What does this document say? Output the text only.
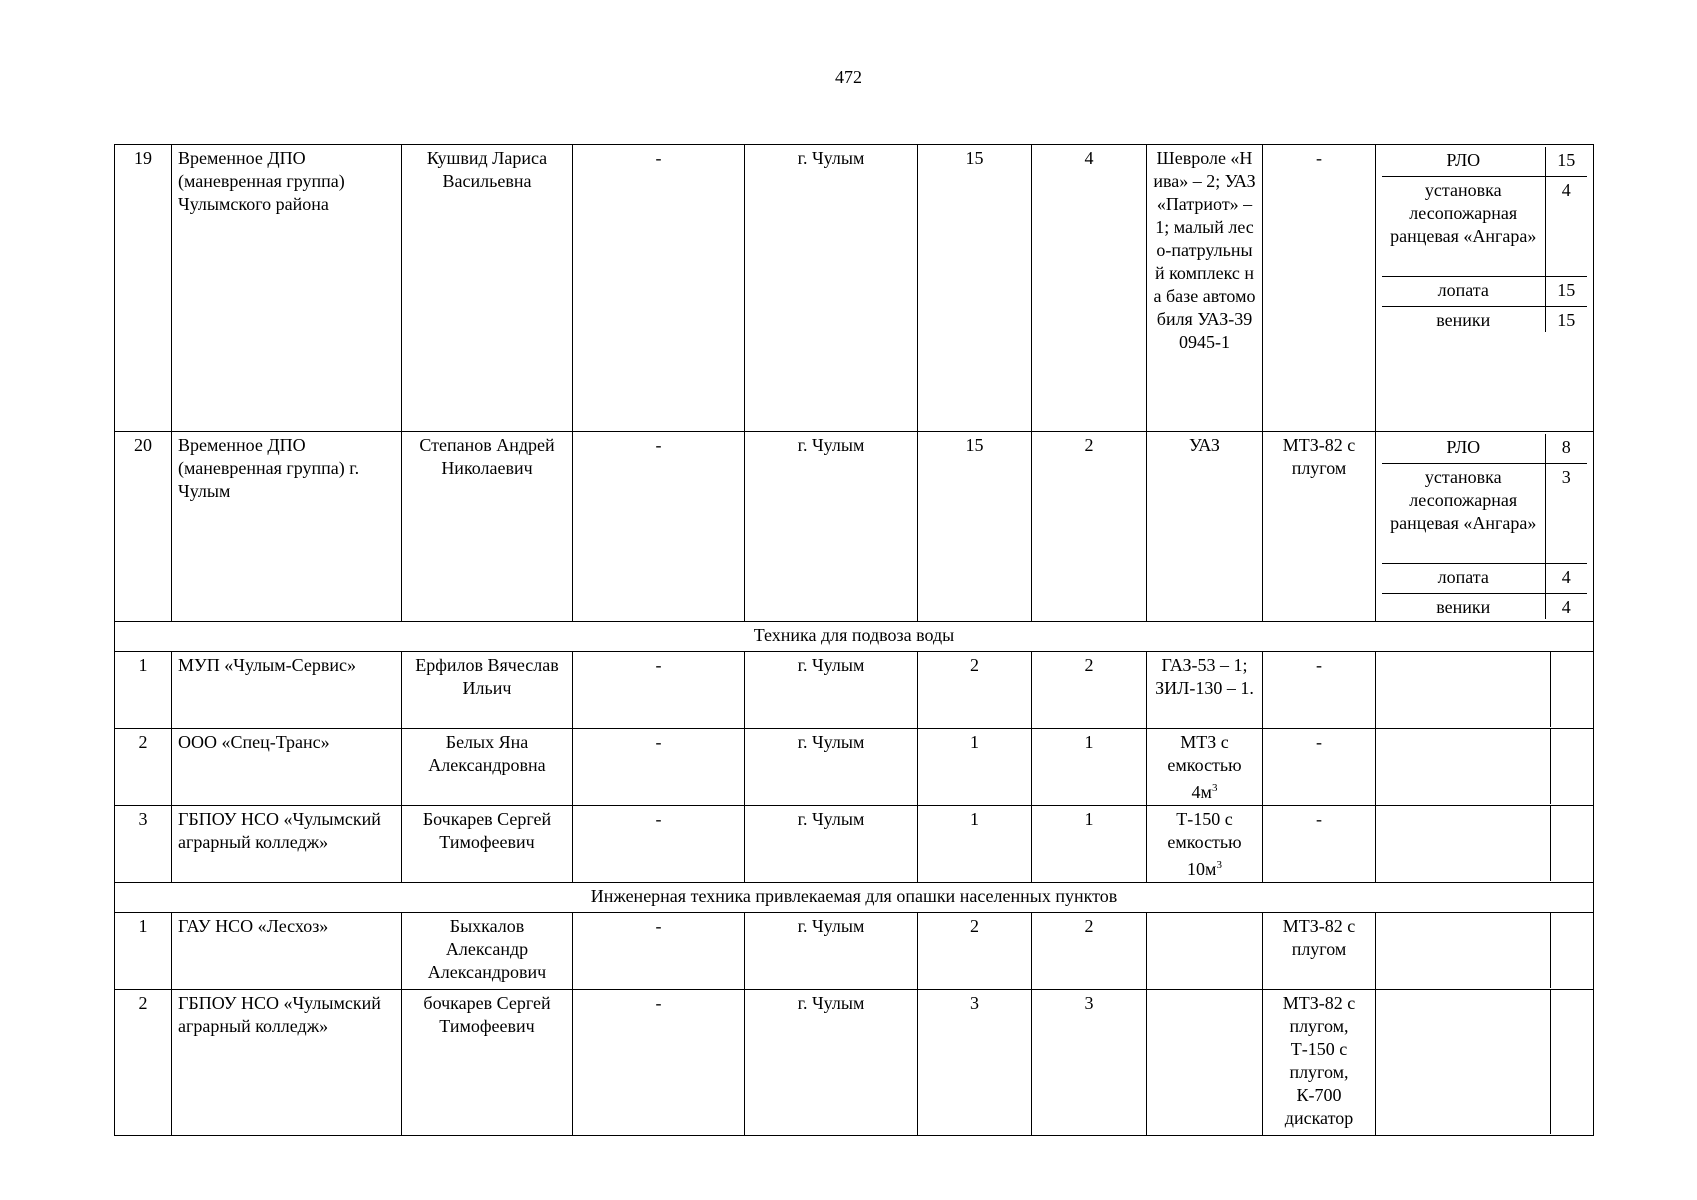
472
19	Временное ДПО (маневренная группа) Чулымского района	Кушвид Лариса Васильевна	-	г. Чулым	15	4	Шевроле «Нива» – 2; УАЗ «Патриот» – 1; малый лесо-патрульный комплекс на базе автомобиля УАЗ-390945-1	-		РЛО	15
установка лесопожарная ранцевая «Ангара»	4
лопата	15
веники	15

20	Временное ДПО (маневренная группа) г. Чулым	Степанов Андрей Николаевич	-	г. Чулым	15	2	УАЗ	МТЗ-82 с плугом	
РЛО	8
установка лесопожарная ранцевая «Ангара»	3
лопата	4
веники	4

Техника для подвоза воды
1	МУП «Чулым-Сервис»	Ерфилов Вячеслав Ильич	-	г. Чулым	2	2	ГАЗ-53 – 1; ЗИЛ-130 – 1.	-	

2	ООО «Спец-Транс»	Белых Яна Александровна	-	г. Чулым	1	1	МТЗ с емкостью $4м^3$	-	

3	ГБПОУ НСО «Чулымский аграрный колледж»	Бочкарев Сергей Тимофеевич	-	г. Чулым	1	1	Т-150 с емкостью $10м^3$	-	

Инженерная техника привлекаемая для опашки населенных пунктов
1	ГАУ НСО «Лесхоз»	Быхкалов Александр Александрович	-	г. Чулым	2	2		МТЗ-82 с плугом	

2	ГБПОУ НСО «Чулымский аграрный колледж»	бочкарев Сергей Тимофеевич	-	г. Чулым	3	3		МТЗ-82 с плугом, Т-150 с плугом, К-700 дискатор	
